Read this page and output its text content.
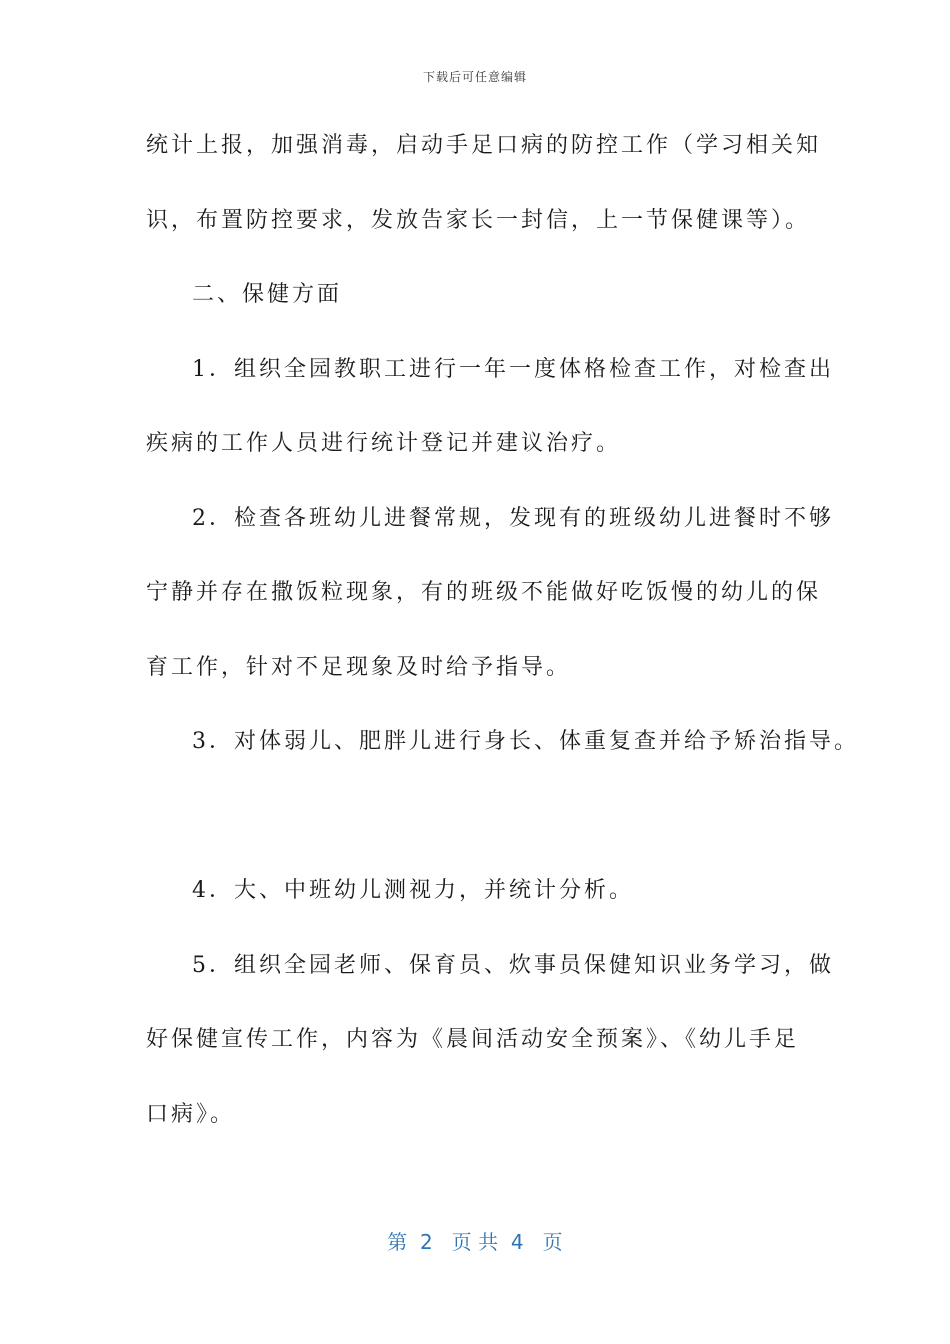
下载后可任意编辑
统计上报，加强消毒，启动手足口病的防控工作（学习相关知
识，布置防控要求，发放告家长一封信，上一节保健课等）。
二、保健方面
1．组织全园教职工进行一年一度体格检查工作，对检查出
疾病的工作人员进行统计登记并建议治疗。
2．检查各班幼儿进餐常规，发现有的班级幼儿进餐时不够
宁静并存在撒饭粒现象，有的班级不能做好吃饭慢的幼儿的保
育工作，针对不足现象及时给予指导。
3．对体弱儿、肥胖儿进行身长、体重复查并给予矫治指导。
4．大、中班幼儿测视力，并统计分析。
5．组织全园老师、保育员、炊事员保健知识业务学习，做
好保健宣传工作，内容为《晨间活动安全预案》、《幼儿手足
口病》。
第  2   页 共  4   页
